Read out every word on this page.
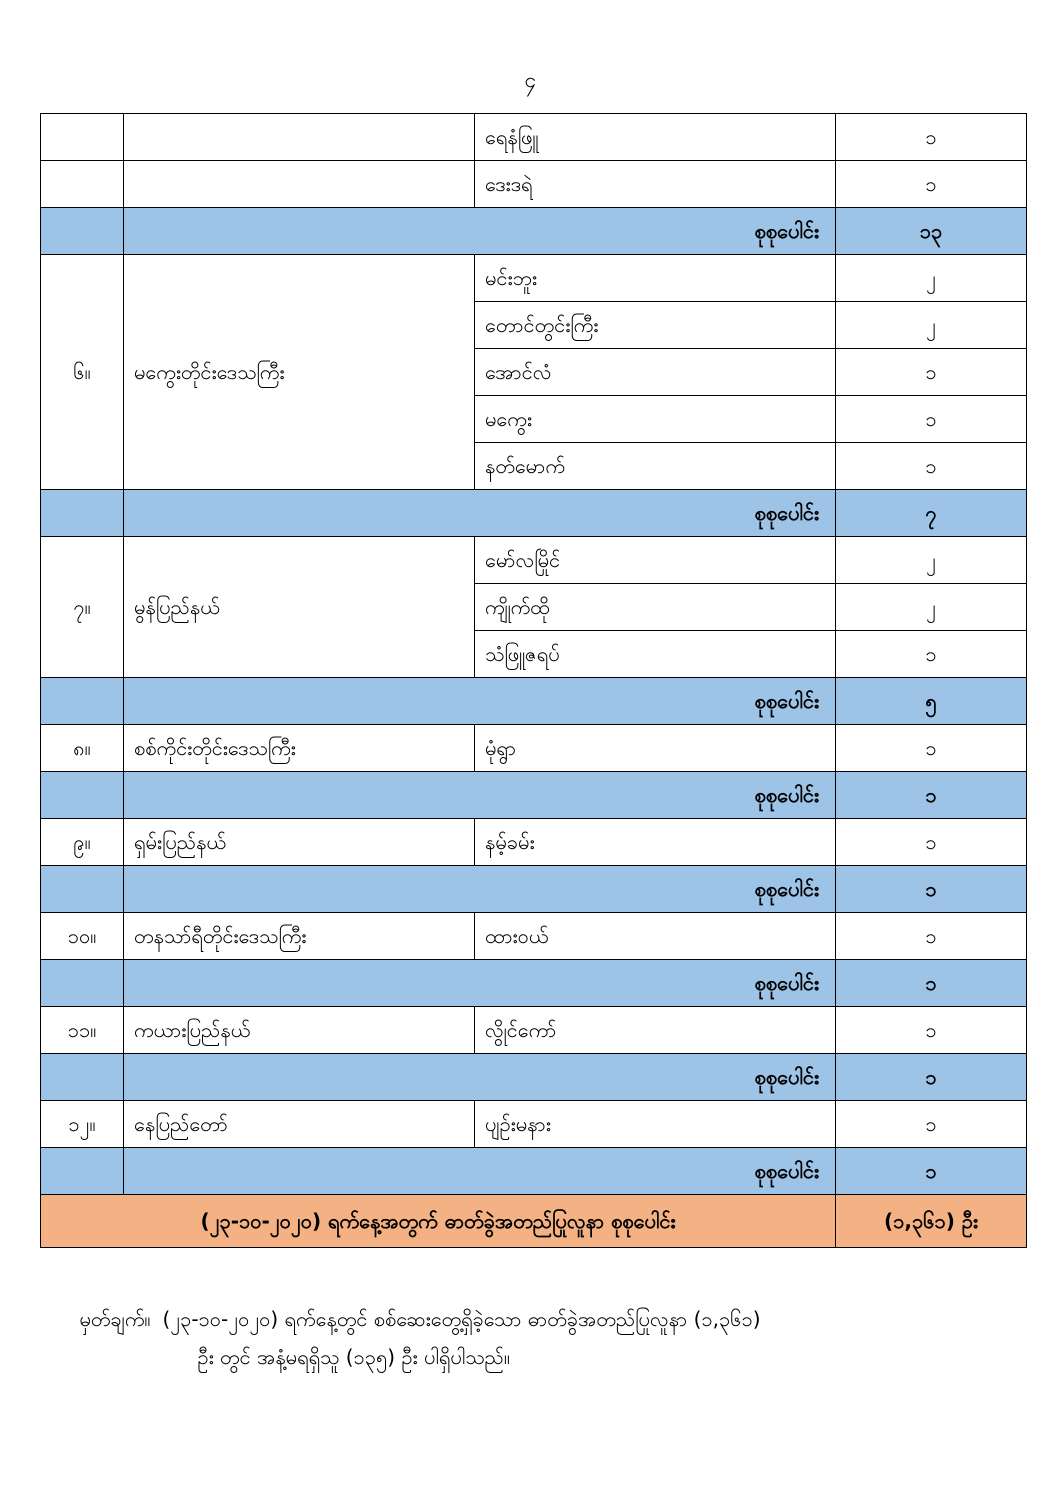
၄
		ရေနံဖြူ	၁
		ဒေးဒရဲ	၁
	စုစုပေါင်း		၁၃
၆။	မကွေးတိုင်းဒေသကြီး	မင်းဘူး	၂
		တောင်တွင်းကြီး	၂
		အောင်လံ	၁
		မကွေး	၁
		နတ်မောက်	၁
	စုစုပေါင်း		၇
၇။	မွန်ပြည်နယ်	မော်လမြိုင်	၂
		ကျိုက်ထို	၂
		သံဖြူဇရပ်	၁
	စုစုပေါင်း		၅
၈။	စစ်ကိုင်းတိုင်းဒေသကြီး	မုံရွာ	၁
	စုစုပေါင်း		၁
၉။	ရှမ်းပြည်နယ်	နမ့်ခမ်း	၁
	စုစုပေါင်း		၁
၁၀။	တနသာ်ရီတိုင်းဒေသကြီး	ထားဝယ်	၁
	စုစုပေါင်း		၁
၁၁။	ကယားပြည်နယ်	လွိုင်ကော်	၁
	စုစုပေါင်း		၁
၁၂။	နေပြည်တော်	ပျဉ်းမနား	၁
	စုစုပေါင်း		၁
(၂၃-၁၀-၂၀၂၀) ရက်နေ့အတွက် ဓာတ်ခွဲအတည်ပြုလူနာ စုစုပေါင်း			(၁,၃၆၁) ဦး
မှတ်ချက်။ (၂၃-၁၀-၂၀၂၀) ရက်နေ့တွင် စစ်ဆေးတွေ့ရှိခဲ့သော ဓာတ်ခွဲအတည်ပြုလူနာ (၁,၃၆၁)
ဦး တွင် အနံ့မရရှိသူ (၁၃၅) ဦး ပါရှိပါသည်။
